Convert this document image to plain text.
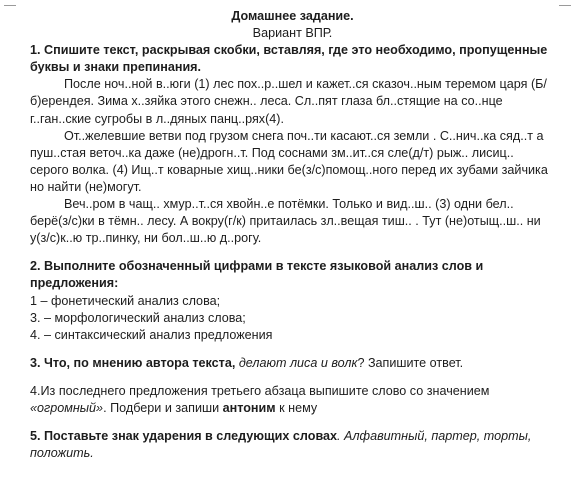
Домашнее задание.

Вариант ВПР.

1. Спишите текст, раскрывая скобки, вставляя, где это необходимо, пропущенные буквы и знаки препинания.

После ноч..ной в..юги (1) лес пох..р..шел и кажет..ся сказоч..ным теремом царя (Б/б)ерендея. Зима х..зяйка этого снежн.. леса. Сл..пят глаза бл..стящие на со..нце г..ган..ские сугробы в л..дяных панц..рях(4).

От..желевшие ветви под грузом снега поч..ти касают..ся земли . С..нич..ка сяд..т а пуш..стая веточ..ка даже (не)дрогн..т. Под соснами зм..ит..ся сле(д/т) рыж.. лисиц.. серого волка. (4) Ищ..т коварные хищ..ники бе(з/с)помощ..ного перед их зубами зайчика но найти (не)могут.

Веч..ром в чащ.. хмур..т..ся хвойн..е потёмки. Только и вид..ш.. (3) одни бел.. берё(з/с)ки в тёмн.. лесу. А вокру(г/к) притаилась зл..вещая тиш.. . Тут (не)отыщ..ш.. ни у(з/с)к..ю тр..пинку, ни бол..ш..ю д..рогу.

2. Выполните обозначенный цифрами в тексте языковой анализ слов и предложения:

1 – фонетический анализ слова;

3. – морфологический анализ слова;

4. – синтаксический анализ предложения

3. Что, по мнению автора текста, делают лиса и волк? Запишите ответ.

4.Из последнего предложения третьего абзаца выпишите слово со значением «огромный». Подбери и запиши антоним к нему

5. Поставьте знак ударения в следующих словах. Алфавитный, партер, торты, положить.
